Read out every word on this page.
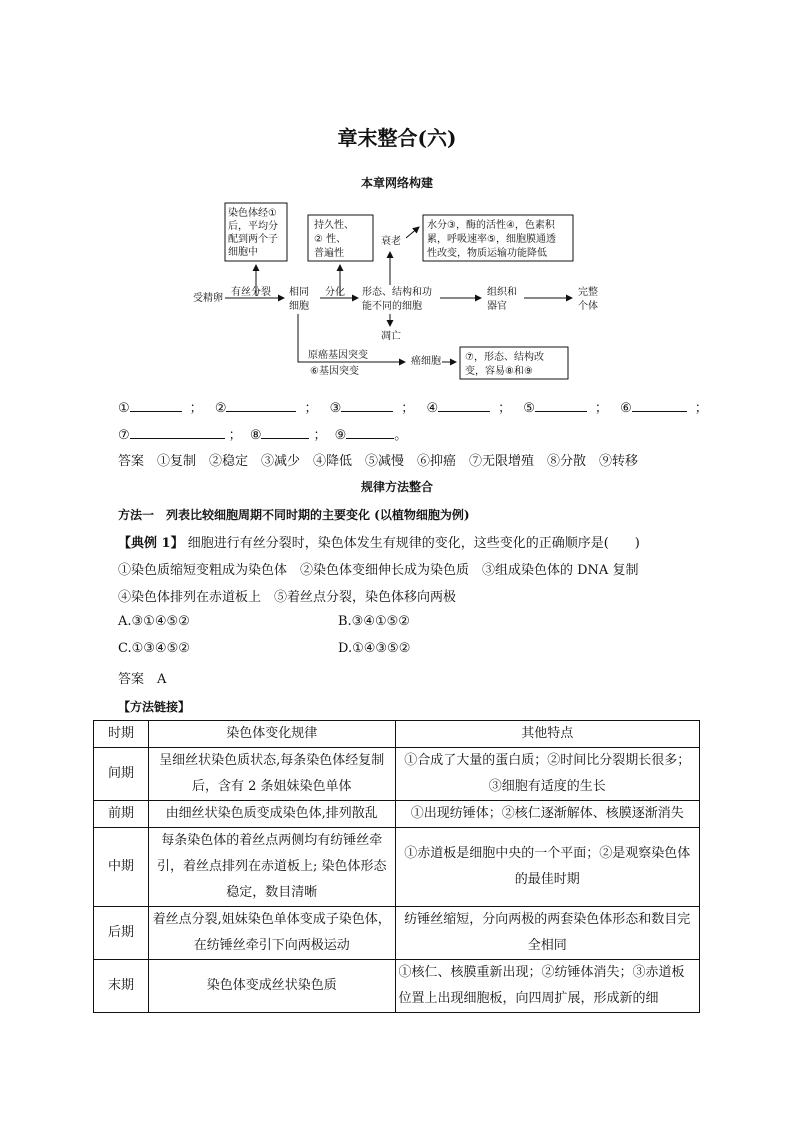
章末整合(六)
本章网络构建
染色体经①
后，平均分
配到两个子
细胞中
持久性、
② 性、
普遍性
水分③，酶的活性④，色素积
累，呼吸速率⑤，细胞膜通透
性改变，物质运输功能降低
⑦，形态、结构改
变，容易⑧和⑨
受精卵
有丝分裂 相同
细胞
分化 形态、结构和功
能不同的细胞
衰老
凋亡
组织和
器官
完整
个体
原癌基因突变
⑥基因突变
癌细胞
①	； ②	； ③	； ④	； ⑤	； ⑥	；
⑦	； ⑧	； ⑨	。
答案　①复制　②稳定　③减少　④降低　⑤减慢　⑥抑癌　⑦无限增殖　⑧分散　⑨转移
规律方法整合
方法一　列表比较细胞周期不同时期的主要变化 (以植物细胞为例)
【典例 1】 细胞进行有丝分裂时，染色体发生有规律的变化，这些变化的正确顺序是(　　)
①染色质缩短变粗成为染色体　②染色体变细伸长成为染色质　③组成染色体的 DNA 复制
④染色体排列在赤道板上　⑤着丝点分裂，染色体移向两极
A.③①④⑤②	B.③④①⑤②
C.①③④⑤②	D.①④③⑤②
答案　A
【方法链接】
时期	染色体变化规律	其他特点
间期	呈细丝状染色质状态,每条染色体经复制后，含有 2 条姐妹染色单体	①合成了大量的蛋白质；②时间比分裂期长很多；③细胞有适度的生长
前期	由细丝状染色质变成染色体,排列散乱	①出现纺锤体；②核仁逐渐解体、核膜逐渐消失
中期	每条染色体的着丝点两侧均有纺锤丝牵引，着丝点排列在赤道板上; 染色体形态稳定，数目清晰	①赤道板是细胞中央的一个平面；②是观察染色体的最佳时期
后期	着丝点分裂,姐妹染色单体变成子染色体，在纺锤丝牵引下向两极运动	纺锤丝缩短，分向两极的两套染色体形态和数目完全相同
末期	染色体变成丝状染色质	①核仁、核膜重新出现；②纺锤体消失；③赤道板位置上出现细胞板，向四周扩展，形成新的细
